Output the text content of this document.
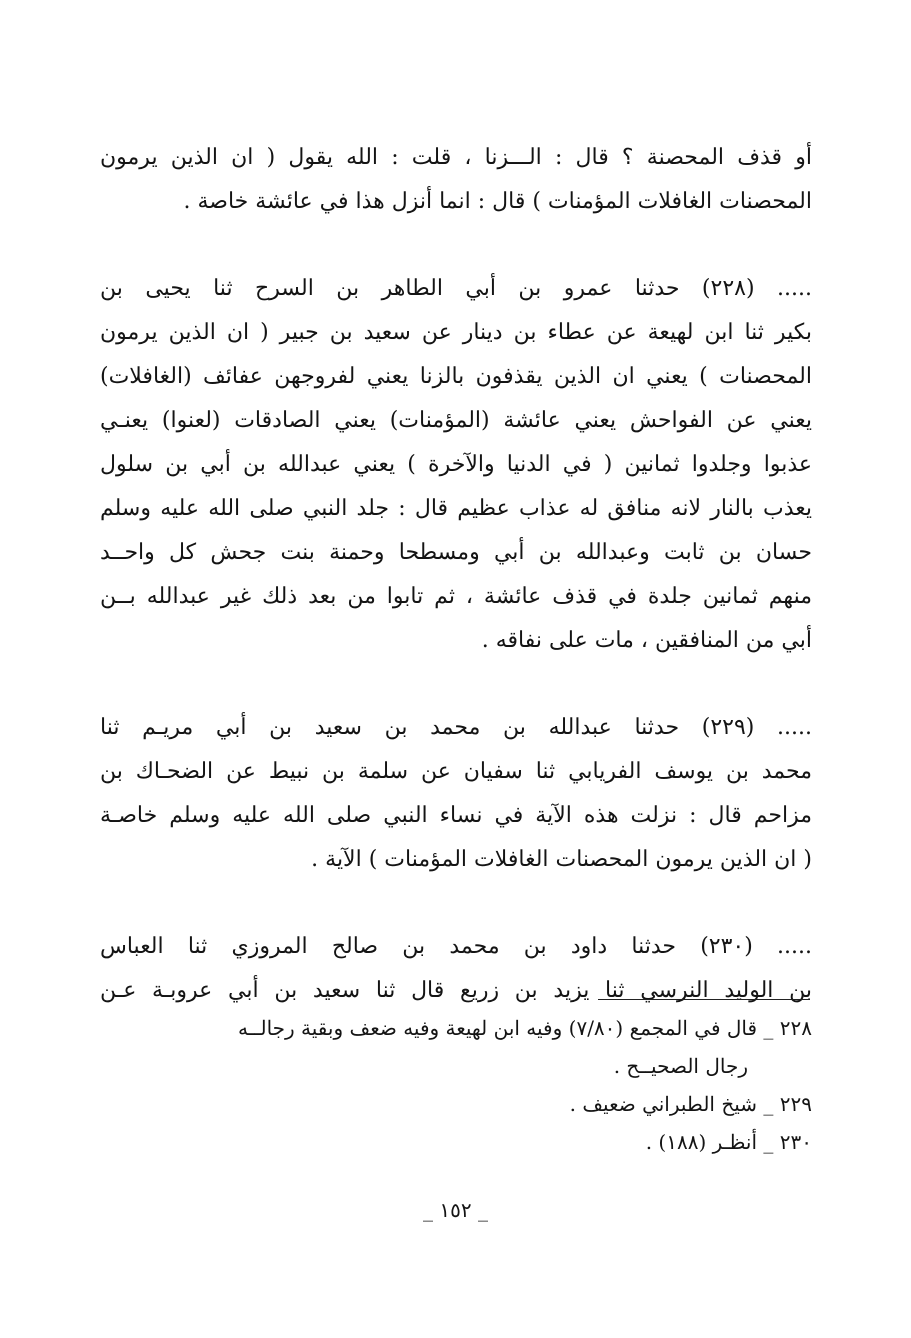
أو قذف المحصنة ؟ قال : الـــزنا ، قلت : الله يقول ( ان الذين يرمون
المحصنات الغافلات المؤمنات ) قال : انما أنزل هذا في عائشة خاصة .
..... (٢٢٨) حدثنا عمرو بن أبي الطاهر بن السرح ثنا يحيى بن
بكير ثنا ابن لهيعة عن عطاء بن دينار عن سعيد بن جبير ( ان الذين يرمون
المحصنات ) يعني ان الذين يقذفون بالزنا يعني لفروجهن عفائف (الغافلات)
يعني عن الفواحش يعني عائشة (المؤمنات) يعني الصادقات (لعنوا) يعنـي
عذبوا وجلدوا ثمانين ( في الدنيا والآخرة ) يعني عبدالله بن أبي بن سلول
يعذب بالنار لانه منافق له عذاب عظيم قال : جلد النبي صلى الله عليه وسلم
حسان بن ثابت وعبدالله بن أبي ومسطحا وحمنة بنت جحش كل واحــد
منهم ثمانين جلدة في قذف عائشة ، ثم تابوا من بعد ذلك غير عبدالله بــن
أبي من المنافقين ، مات على نفاقه .
..... (٢٢٩) حدثنا عبدالله بن محمد بن سعيد بن أبي مريـم ثنا
محمد بن يوسف الفريابي ثنا سفيان عن سلمة بن نبيط عن الضحـاك بن
مزاحم قال : نزلت هذه الآية في نساء النبي صلى الله عليه وسلم خاصـة
( ان الذين يرمون المحصنات الغافلات المؤمنات ) الآية .
..... (٢٣٠) حدثنا داود بن محمد بن صالح المروزي ثنا العباس
بن الوليد النرسي ثنا يزيد بن زريع قال ثنا سعيد بن أبي عروبـة عـن
٢٢٨ _ قال في المجمع (٧/٨٠) وفيه ابن لهيعة وفيه ضعف وبقية رجالــه
رجال الصحيــح .
٢٢٩ _ شيخ الطبراني ضعيف .
٢٣٠ _ أنظـر (١٨٨) .
_ ١٥٢ _
